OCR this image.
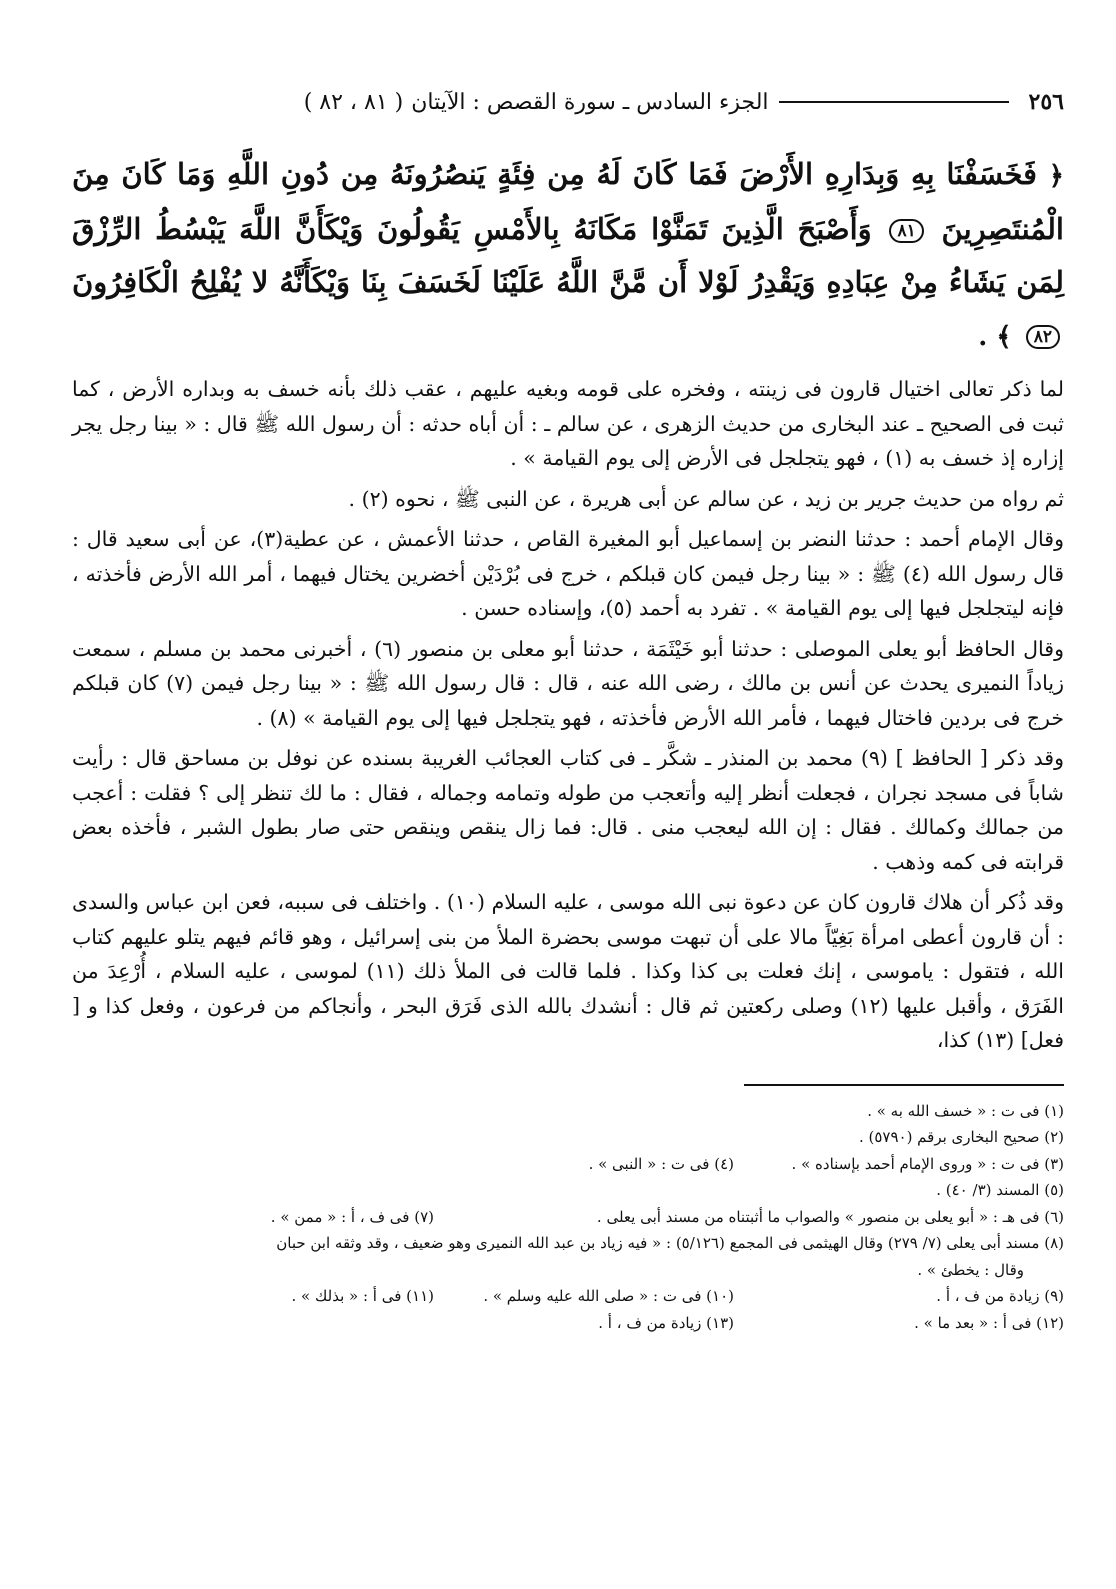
٢٥٦
الجزء السادس ـ سورة القصص : الآيتان
( ٨١ ، ٨٢ )
﴿ فَخَسَفْنَا بِهِ وَبِدَارِهِ الأَرْضَ فَمَا كَانَ لَهُ مِن فِئَةٍ يَنصُرُونَهُ مِن دُونِ اللَّهِ وَمَا كَانَ مِنَ الْمُنتَصِرِينَ ٨١ وَأَصْبَحَ الَّذِينَ تَمَنَّوْا مَكَانَهُ بِالأَمْسِ يَقُولُونَ وَيْكَأَنَّ اللَّهَ يَبْسُطُ الرِّزْقَ لِمَن يَشَاءُ مِنْ عِبَادِهِ وَيَقْدِرُ لَوْلا أَن مَّنَّ اللَّهُ عَلَيْنَا لَخَسَفَ بِنَا وَيْكَأَنَّهُ لا يُفْلِحُ الْكَافِرُونَ ٨٢ ﴾ .

لما ذكر تعالى اختيال قارون فى زينته ، وفخره على قومه وبغيه عليهم ، عقب ذلك بأنه خسف به وبداره الأرض ، كما ثبت فى الصحيح ـ عند البخارى من حديث الزهرى ، عن سالم ـ : أن أباه حدثه : أن رسول الله ﷺ قال : « بينا رجل يجر إزاره إذ خسف به (١) ، فهو يتجلجل فى الأرض إلى يوم القيامة » .

ثم رواه من حديث جرير بن زيد ، عن سالم عن أبى هريرة ، عن النبى ﷺ ، نحوه (٢) .

وقال الإمام أحمد : حدثنا النضر بن إسماعيل أبو المغيرة القاص ، حدثنا الأعمش ، عن عطية(٣)، عن أبى سعيد قال : قال رسول الله (٤) ﷺ : « بينا رجل فيمن كان قبلكم ، خرج فى بُرْدَيْن أخضرين يختال فيهما ، أمر الله الأرض فأخذته ، فإنه ليتجلجل فيها إلى يوم القيامة » . تفرد به أحمد (٥)، وإسناده حسن .

وقال الحافظ أبو يعلى الموصلى : حدثنا أبو خَيْثَمَة ، حدثنا أبو معلى بن منصور (٦) ، أخبرنى محمد بن مسلم ، سمعت زياداً النميرى يحدث عن أنس بن مالك ، رضى الله عنه ، قال : قال رسول الله ﷺ : « بينا رجل فيمن (٧) كان قبلكم خرج فى بردين فاختال فيهما ، فأمر الله الأرض فأخذته ، فهو يتجلجل فيها إلى يوم القيامة » (٨) .

وقد ذكر [ الحافظ ] (٩) محمد بن المنذر ـ شكَّر ـ فى كتاب العجائب الغريبة بسنده عن نوفل بن مساحق قال : رأيت شاباً فى مسجد نجران ، فجعلت أنظر إليه وأتعجب من طوله وتمامه وجماله ، فقال : ما لك تنظر إلى ؟ فقلت : أعجب من جمالك وكمالك . فقال : إن الله ليعجب منى . قال: فما زال ينقص وينقص حتى صار بطول الشبر ، فأخذه بعض قرابته فى كمه وذهب .

وقد ذُكر أن هلاك قارون كان عن دعوة نبى الله موسى ، عليه السلام (١٠) . واختلف فى سببه، فعن ابن عباس والسدى : أن قارون أعطى امرأة بَغِيّاً مالا على أن تبهت موسى بحضرة الملأ من بنى إسرائيل ، وهو قائم فيهم يتلو عليهم كتاب الله ، فتقول : ياموسى ، إنك فعلت بى كذا وكذا . فلما قالت فى الملأ ذلك (١١) لموسى ، عليه السلام ، أُرْعِدَ من الفَرَق ، وأقبل عليها (١٢) وصلى ركعتين ثم قال : أنشدك بالله الذى فَرَق البحر ، وأنجاكم من فرعون ، وفعل كذا و [ فعل] (١٣) كذا،

(١) فى ت : « خسف الله به » .
(٢) صحيح البخارى برقم (٥٧٩٠) .
(٣) فى ت : « وروى الإمام أحمد بإسناده » .
(٤) فى ت : « النبى » .
(٥) المسند (٣/ ٤٠) .
(٦) فى هـ : « أبو يعلى بن منصور » والصواب ما أثبتناه من مسند أبى يعلى .
(٧) فى ف ، أ : « ممن » .
(٨) مسند أبى يعلى (٧/ ٢٧٩) وقال الهيثمى فى المجمع (٥/١٢٦) : « فيه زياد بن عبد الله النميرى وهو ضعيف ، وقد وثقه ابن حبان
وقال : يخطئ » .
(٩) زيادة من ف ، أ .
(١٠) فى ت : « صلى الله عليه وسلم » .
(١١) فى أ : « بذلك » .
(١٢) فى أ : « بعد ما » .
(١٣) زيادة من ف ، أ .
